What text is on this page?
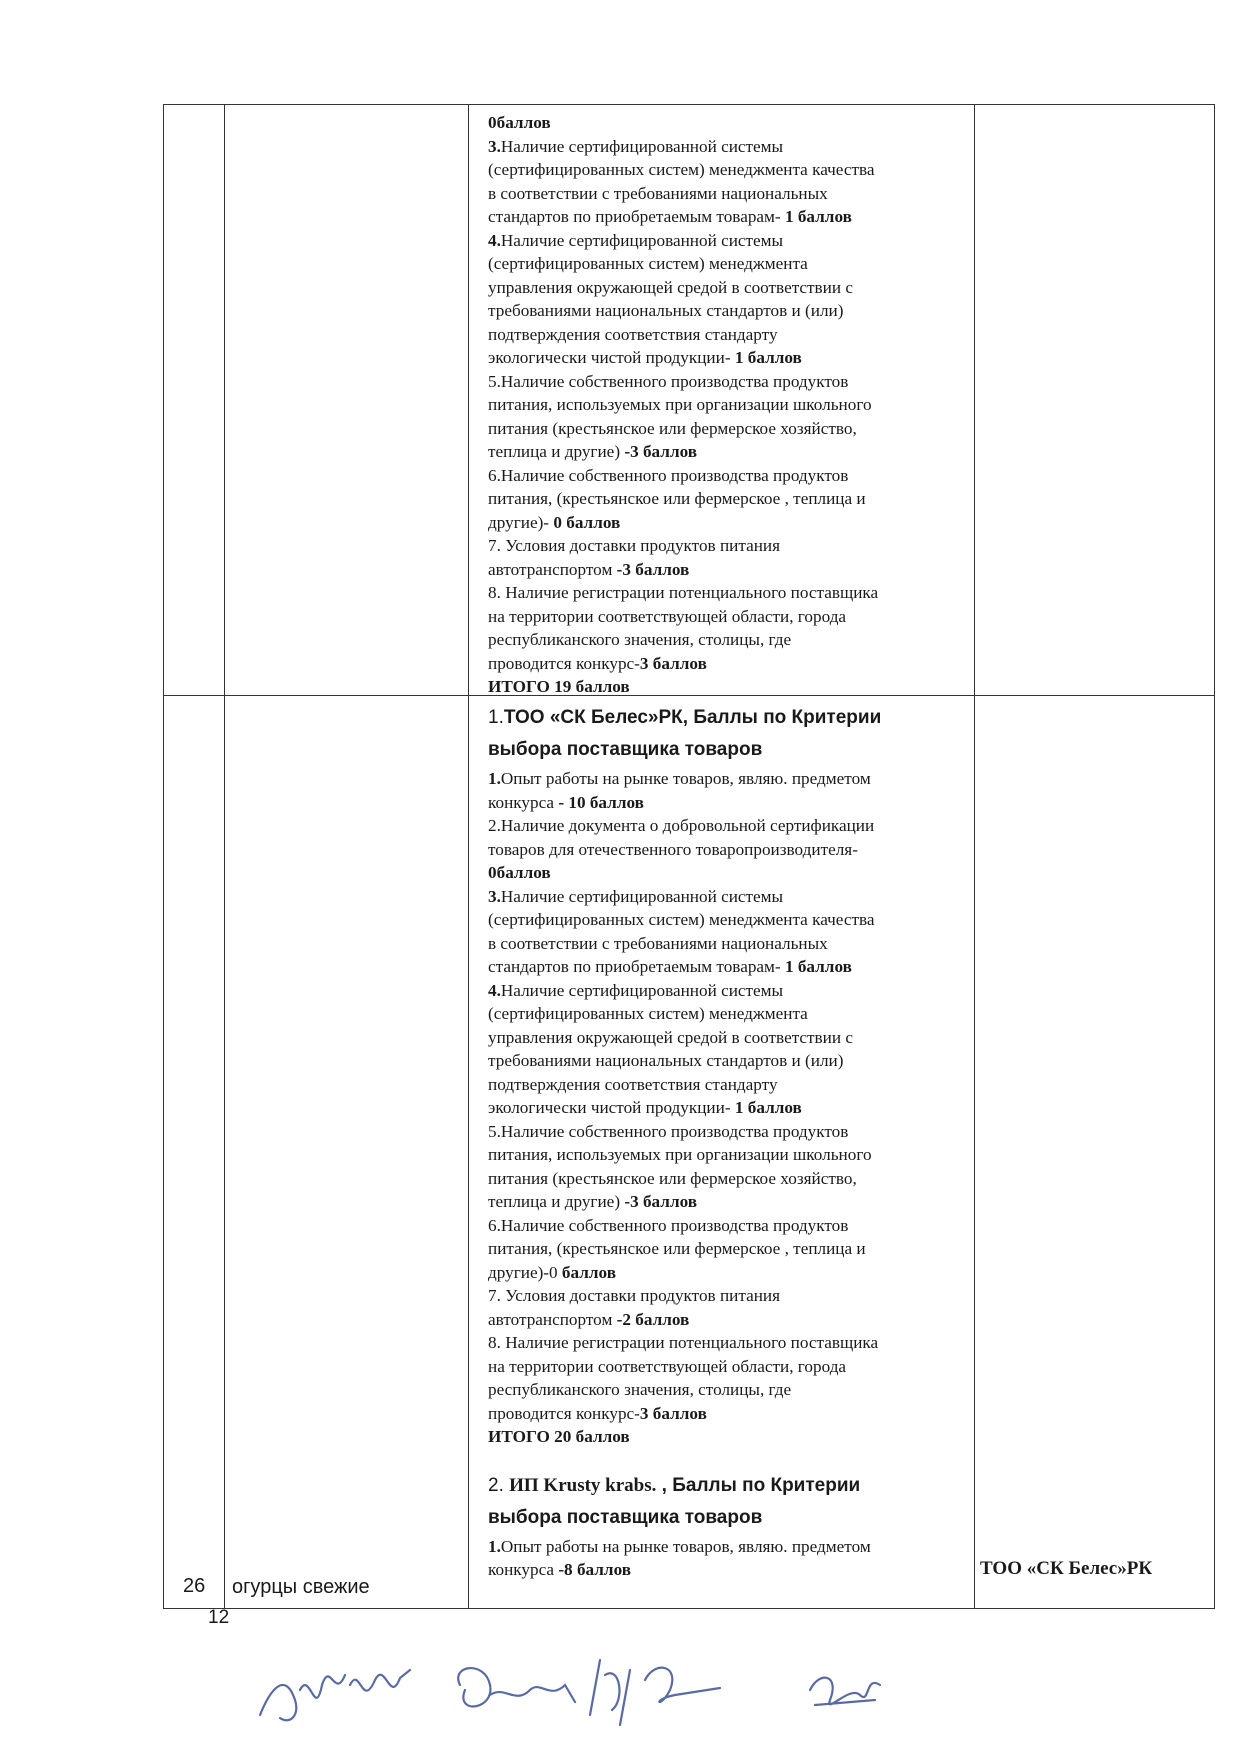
0баллов
3.Наличие сертифицированной системы
(сертифицированных систем) менеджмента качества
в соответствии с требованиями национальных
стандартов по приобретаемым товарам- 1 баллов
4.Наличие сертифицированной системы
(сертифицированных систем) менеджмента
управления окружающей средой в соответствии с
требованиями национальных стандартов и (или)
подтверждения соответствия стандарту
экологически чистой продукции- 1 баллов
5.Наличие собственного производства продуктов
питания, используемых при организации школьного
питания (крестьянское или фермерское хозяйство,
теплица и другие) -3 баллов
6.Наличие собственного производства продуктов
питания, (крестьянское или фермерское , теплица и
другие)- 0 баллов
7. Условия доставки продуктов питания
автотранспортом -3 баллов
8. Наличие регистрации потенциального поставщика
на территории соответствующей области, города
республиканского значения, столицы, где
проводится конкурс-3 баллов
ИТОГО 19 баллов
1.ТОО «СК Белес»РК, Баллы по Критерии
выбора поставщика товаров
1.Опыт работы на рынке товаров, являю. предметом
конкурса - 10 баллов
2.Наличие документа о добровольной сертификации
товаров для отечественного товаропроизводителя-
0баллов
3.Наличие сертифицированной системы
(сертифицированных систем) менеджмента качества
в соответствии с требованиями национальных
стандартов по приобретаемым товарам- 1 баллов
4.Наличие сертифицированной системы
(сертифицированных систем) менеджмента
управления окружающей средой в соответствии с
требованиями национальных стандартов и (или)
подтверждения соответствия стандарту
экологически чистой продукции- 1 баллов
5.Наличие собственного производства продуктов
питания, используемых при организации школьного
питания (крестьянское или фермерское хозяйство,
теплица и другие) -3 баллов
6.Наличие собственного производства продуктов
питания, (крестьянское или фермерское , теплица и
другие)-0 баллов
7. Условия доставки продуктов питания
автотранспортом -2 баллов
8. Наличие регистрации потенциального поставщика
на территории соответствующей области, города
республиканского значения, столицы, где
проводится конкурс-3 баллов
ИТОГО 20 баллов
2. ИП Krusty krabs. , Баллы по Критерии
выбора поставщика товаров
1.Опыт работы на рынке товаров, являю. предметом
конкурса -8 баллов
26 огурцы свежие
ТОО «СК Белес»РК
12
